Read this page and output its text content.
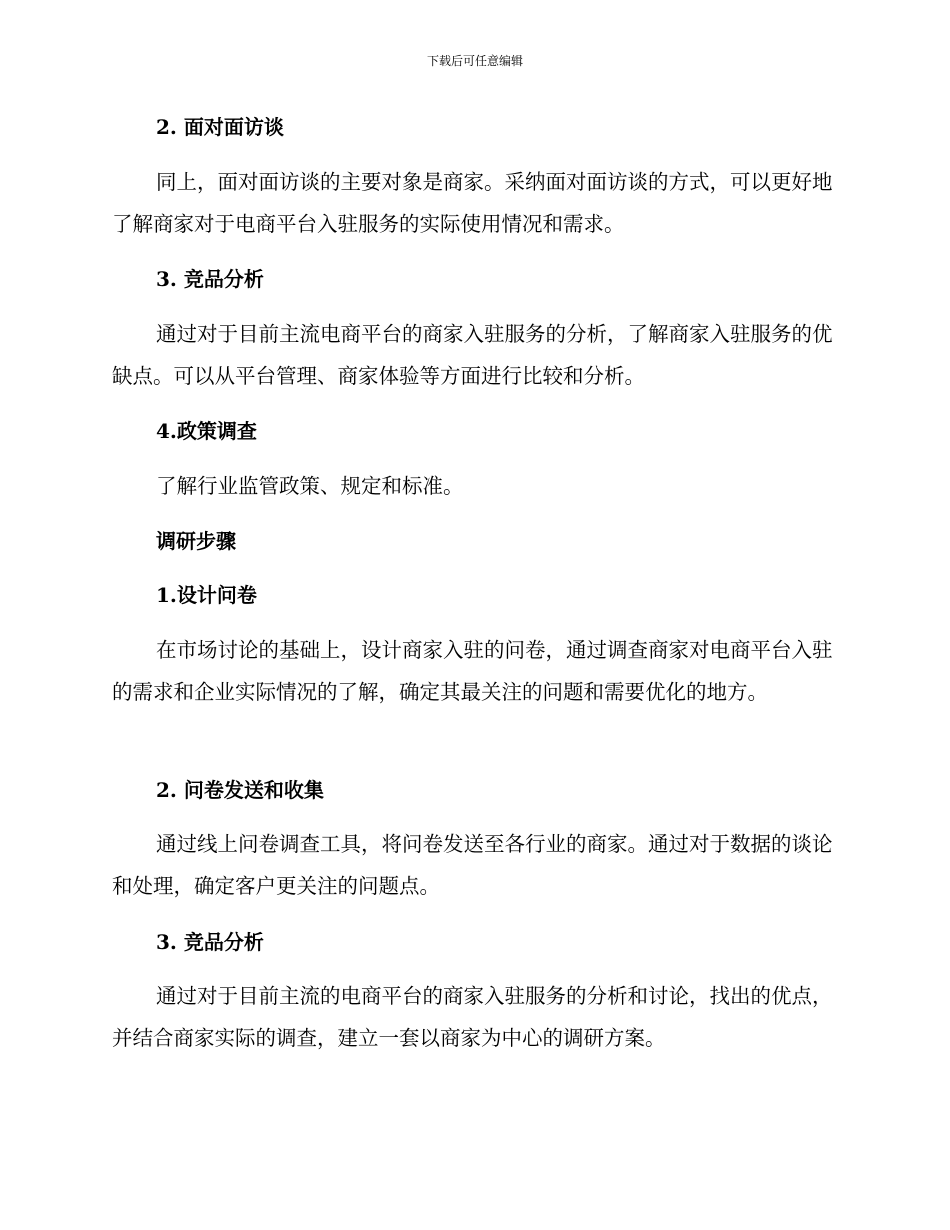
下载后可任意编辑
2. 面对面访谈

同上，面对面访谈的主要对象是商家。采纳面对面访谈的方式，可以更好地了解商家对于电商平台入驻服务的实际使用情况和需求。

3. 竞品分析

通过对于目前主流电商平台的商家入驻服务的分析，了解商家入驻服务的优缺点。可以从平台管理、商家体验等方面进行比较和分析。

4.政策调查

了解行业监管政策、规定和标准。

调研步骤
1.设计问卷

在市场讨论的基础上，设计商家入驻的问卷，通过调查商家对电商平台入驻的需求和企业实际情况的了解，确定其最关注的问题和需要优化的地方。

2. 问卷发送和收集

通过线上问卷调查工具，将问卷发送至各行业的商家。通过对于数据的谈论和处理，确定客户更关注的问题点。

3. 竞品分析

通过对于目前主流的电商平台的商家入驻服务的分析和讨论，找出的优点，并结合商家实际的调查，建立一套以商家为中心的调研方案。
